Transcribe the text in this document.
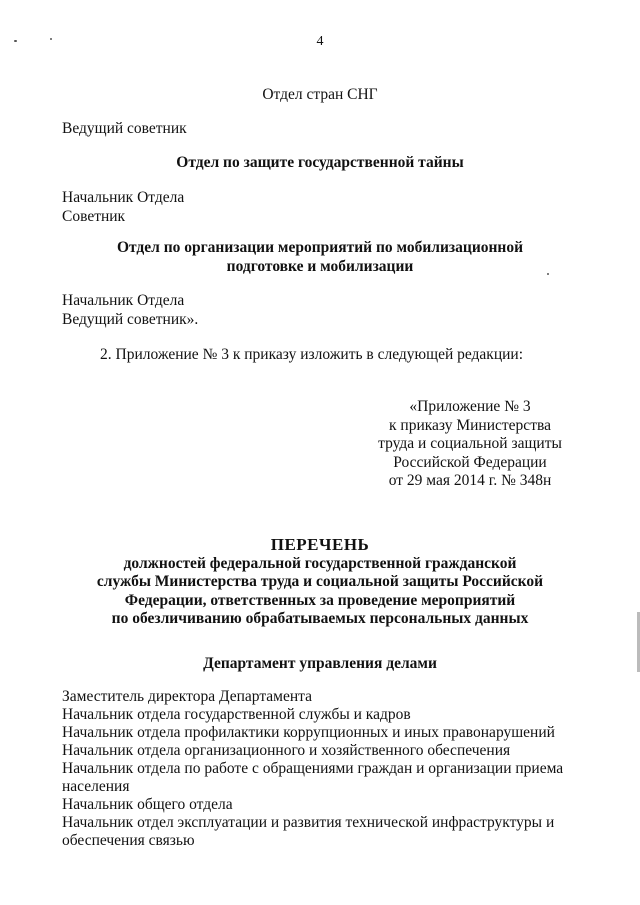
4
Отдел стран СНГ
Ведущий советник
Отдел по защите государственной тайны
Начальник Отдела
Советник
Отдел по организации мероприятий по мобилизационной
подготовке и мобилизации
Начальник Отдела
Ведущий советник».
2. Приложение № 3 к приказу изложить в следующей редакции:
«Приложение № 3
к приказу Министерства
труда и социальной защиты
Российской Федерации
от 29 мая 2014 г. № 348н
ПЕРЕЧЕНЬ
должностей федеральной государственной гражданской
службы Министерства труда и социальной защиты Российской
Федерации, ответственных за проведение мероприятий
по обезличиванию обрабатываемых персональных данных
Департамент управления делами
Заместитель директора Департамента
Начальник отдела государственной службы и кадров
Начальник отдела профилактики коррупционных и иных правонарушений
Начальник отдела организационного и хозяйственного обеспечения
Начальник отдела по работе с обращениями граждан и организации приема населения
Начальник общего отдела
Начальник отдел эксплуатации и развития технической инфраструктуры и обеспечения связью
